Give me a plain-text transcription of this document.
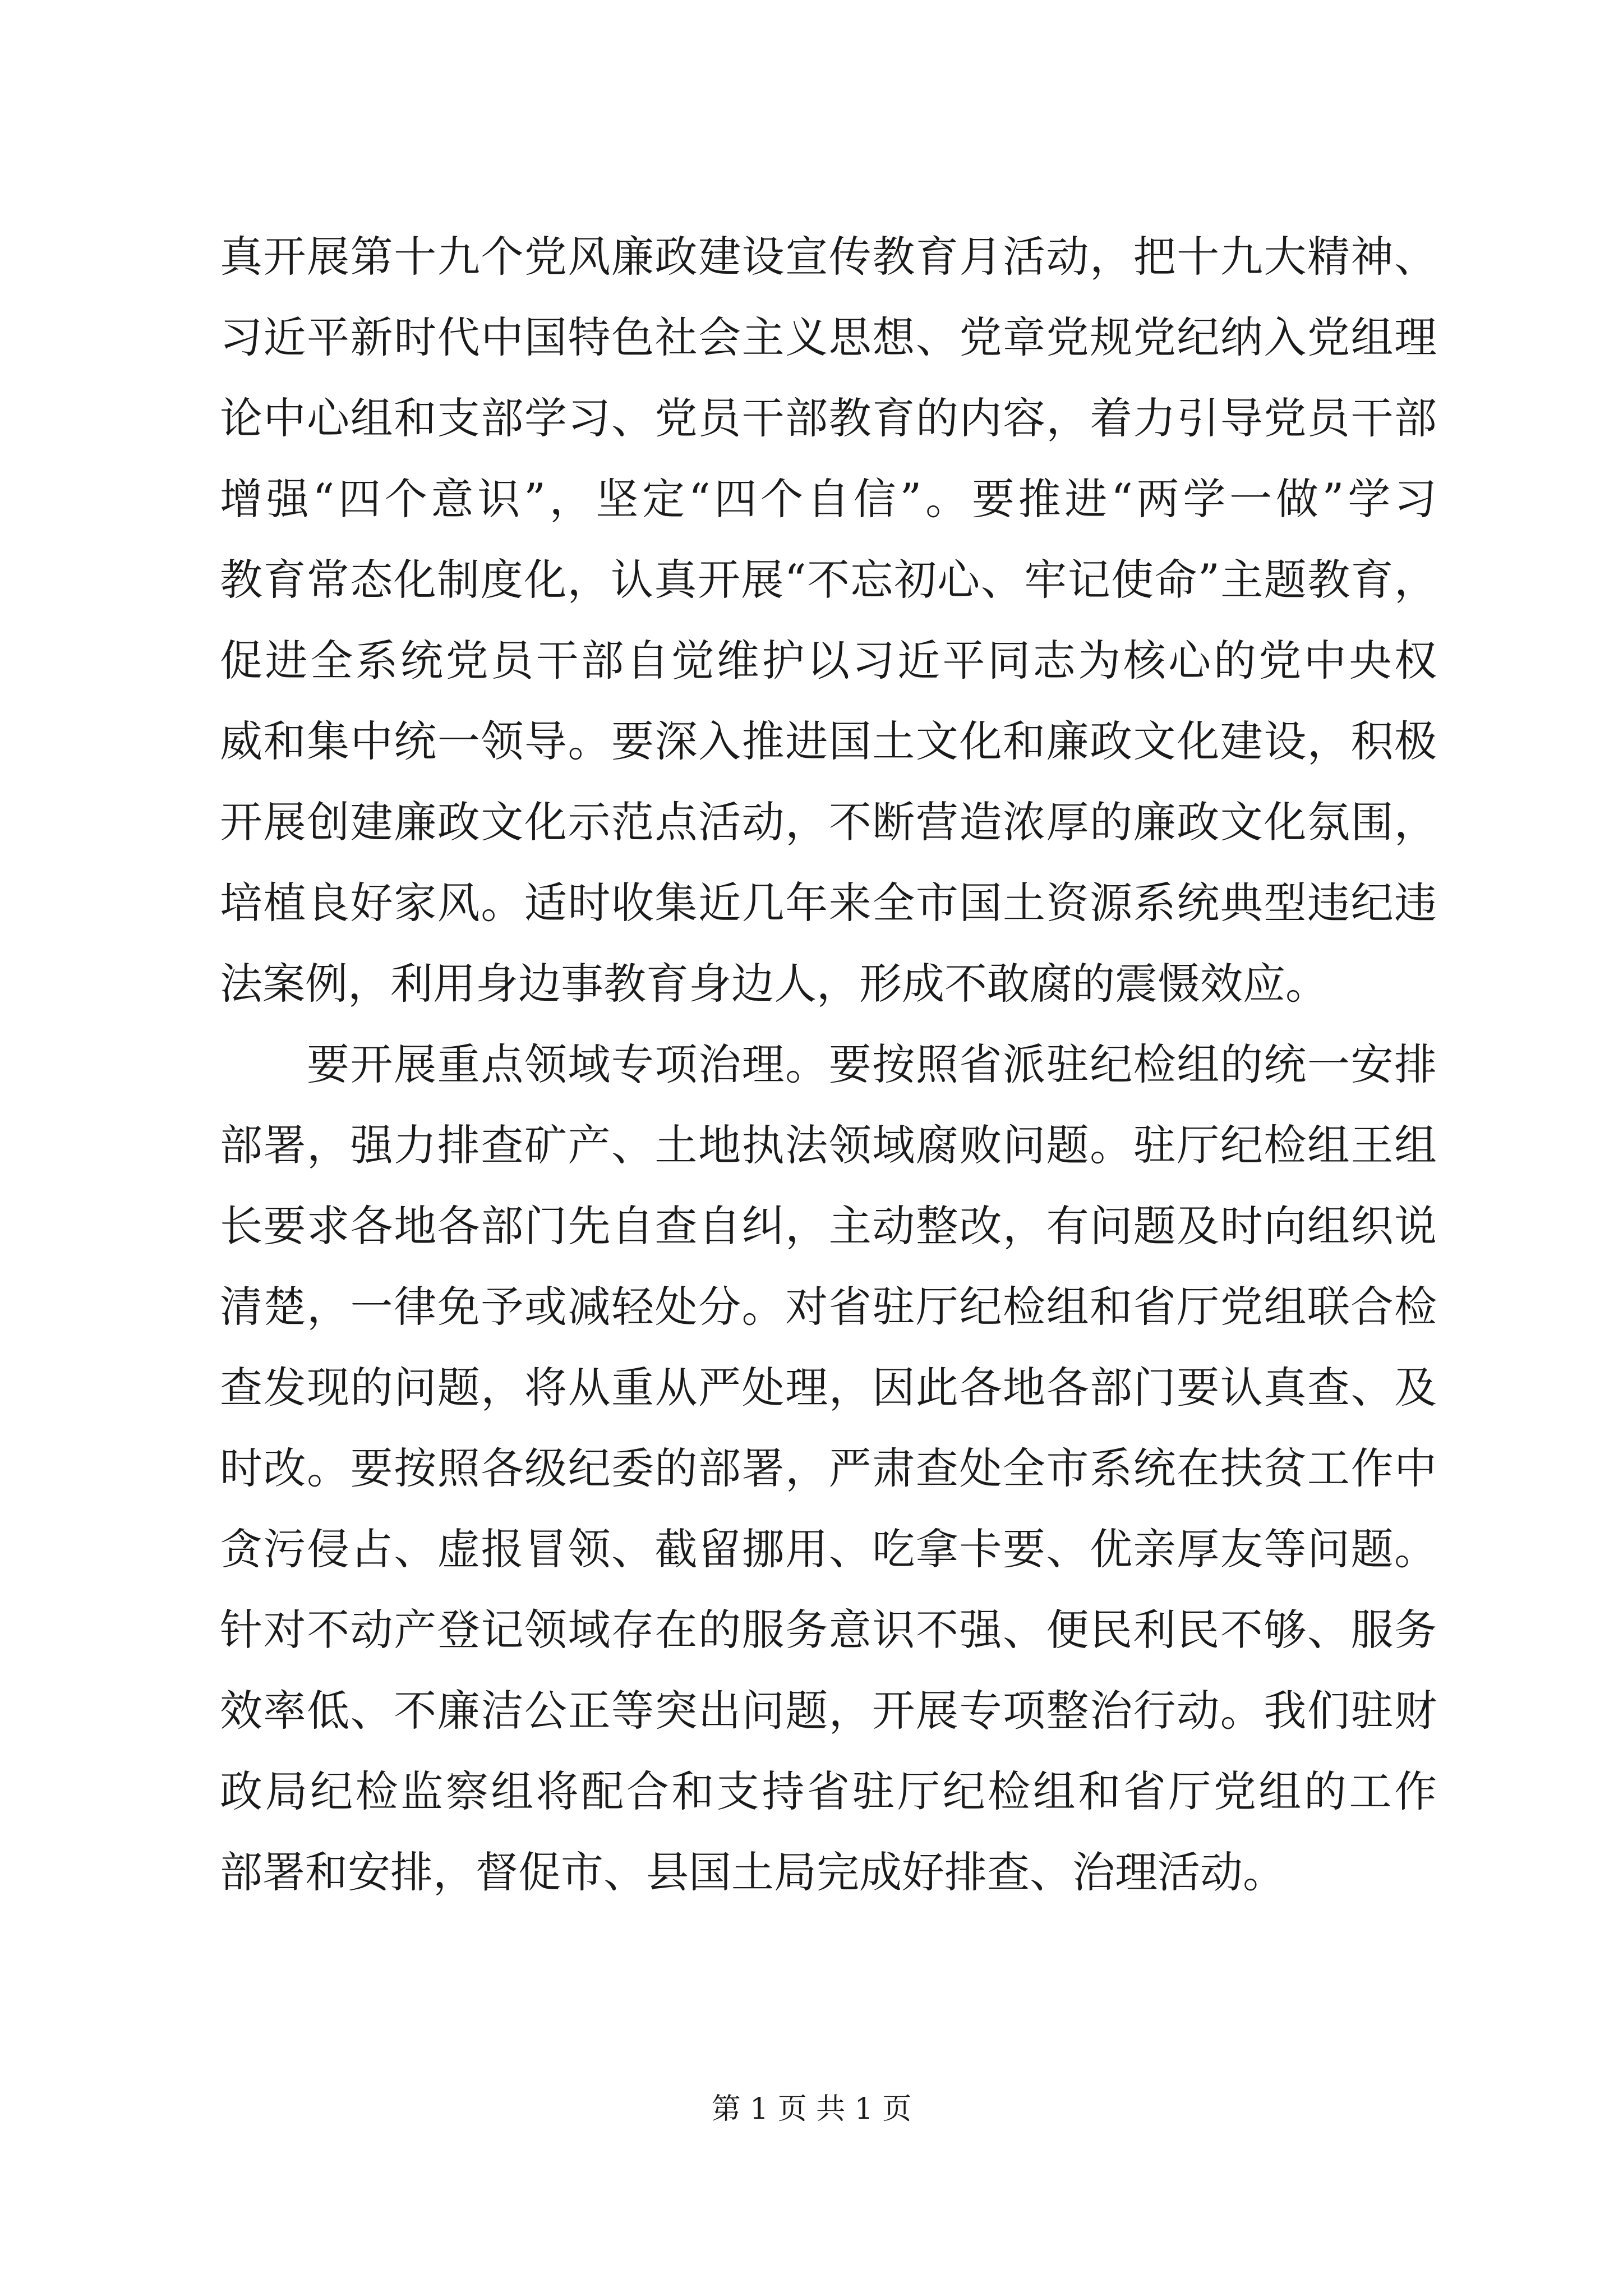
真开展第十九个党风廉政建设宣传教育月活动，把十九大精神、
习近平新时代中国特色社会主义思想、党章党规党纪纳入党组理
论中心组和支部学习、党员干部教育的内容，着力引导党员干部
增强“四个意识”，坚定“四个自信”。要推进“两学一做”学习
教育常态化制度化，认真开展“不忘初心、牢记使命”主题教育，
促进全系统党员干部自觉维护以习近平同志为核心的党中央权
威和集中统一领导。要深入推进国土文化和廉政文化建设，积极
开展创建廉政文化示范点活动，不断营造浓厚的廉政文化氛围，
培植良好家风。适时收集近几年来全市国土资源系统典型违纪违
法案例，利用身边事教育身边人，形成不敢腐的震慑效应。
要开展重点领域专项治理。要按照省派驻纪检组的统一安排
部署，强力排查矿产、土地执法领域腐败问题。驻厅纪检组王组
长要求各地各部门先自查自纠，主动整改，有问题及时向组织说
清楚，一律免予或减轻处分。对省驻厅纪检组和省厅党组联合检
查发现的问题，将从重从严处理，因此各地各部门要认真查、及
时改。要按照各级纪委的部署，严肃查处全市系统在扶贫工作中
贪污侵占、虚报冒领、截留挪用、吃拿卡要、优亲厚友等问题。
针对不动产登记领域存在的服务意识不强、便民利民不够、服务
效率低、不廉洁公正等突出问题，开展专项整治行动。我们驻财
政局纪检监察组将配合和支持省驻厅纪检组和省厅党组的工作
部署和安排，督促市、县国土局完成好排查、治理活动。
第 1 页 共 1 页
